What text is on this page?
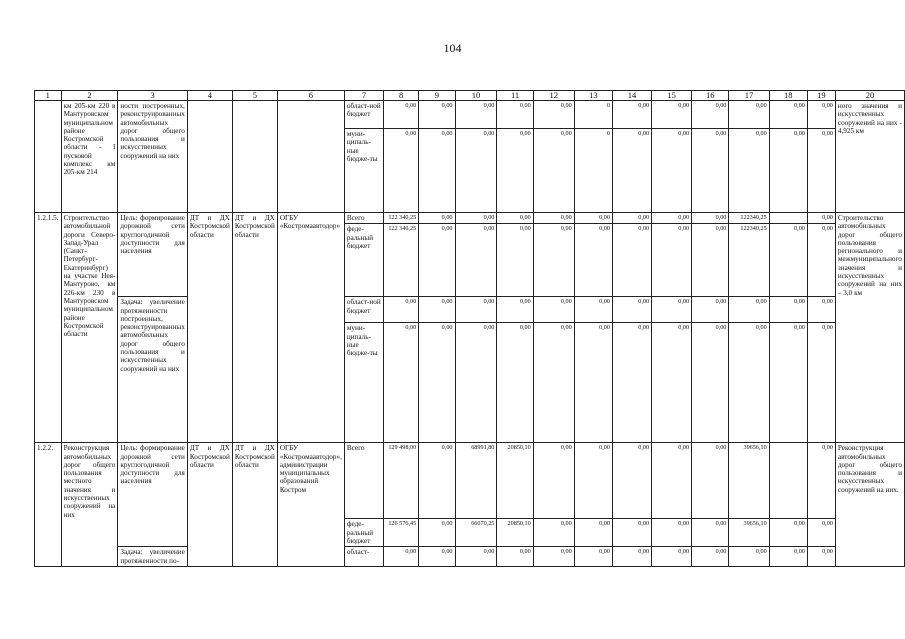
104
1	2	3	4	5	6	7	8	9	10	11	12	13	14	15	16	17	18	19	20
	км 205-км 220 в Мантуровском муниципальном районе Костромской области - I пусковой комплекс км 205-км 214	ности построенных, реконструированных автомобильных дорог общего пользования и искусственных сооружений на них				област-ной бюджет	0,00	0,00	0,00	0,00	0,00	0	0,00	0,00	0,00	0,00	0,00	0,00	ного значения и искусственных сооружений на них - 4,925 км
						муни-ципаль-ные бюдже-ты	0,00	0,00	0,00	0,00	0,00	0	0,00	0,00	0,00	0,00	0,00	0,00	
1.2.1.5.	Строительство автомобильной дороги Северо-Запад-Урал (Санкт-Петербург-Екатеринбург) на участке Нея-Мантурово, км 226-км 230 в Мантуровском муниципальном районе Костромской области	Цель: формирование дорожной сети круглогодичной доступности для населения	ДТ и ДХ Костромской области	ДТ и ДХ Костромской области	ОГБУ «Костромаавтодор»	Всего	122 340,25	0,00	0,00	0,00	0,00	0,00	0,00	0,00	0,00	122340,25		0,00	Строительство автомобильных дорог общего пользования регионального и межмуниципального значения и искусственных сооружений на них – 3,0 км
						феде-ральный бюджет	122 340,25	0,00	0,00	0,00	0,00	0,00	0,00	0,00	0,00	122340,25	0,00	0,00	
		Задача: увеличение протяженности построенных, реконструированных автомобильных дорог общего пользования и искусственных сооружений на них				област-ной бюджет	0,00	0,00	0,00	0,00	0,00	0,00	0,00	0,00	0,00	0,00	0,00	0,00	
						муни-ципаль-ные бюдже-ты	0,00	0,00	0,00	0,00	0,00	0,00	0,00	0,00	0,00	0,00	0,00	0,00	
1.2.2.	Реконструкция автомобильных дорог общего пользования местного значения и искусственных сооружений на них	Цель: формирование дорожной сети круглогодичной доступности для населения	ДТ и ДХ Костромской области	ДТ и ДХ Костромской области	ОГБУ «Костромаавтодор», администрации муниципальных образований Костром	Всего	129 498,00	0,00	68991,80	20850,10	0,00	0,00	0,00	0,00	0,00	39656,10		0,00	Реконструкция автомобильных дорог общего пользования и искусственных сооружений на них.
						феде-ральный бюджет	126 576,45	0,00	66070,25	20850,10	0,00	0,00	0,00	0,00	0,00	39656,10	0,00	0,00	
		Задача: увеличение протяженности по-				област-	0,00	0,00	0,00	0,00	0,00	0,00	0,00	0,00	0,00	0,00	0,00	0,00	
